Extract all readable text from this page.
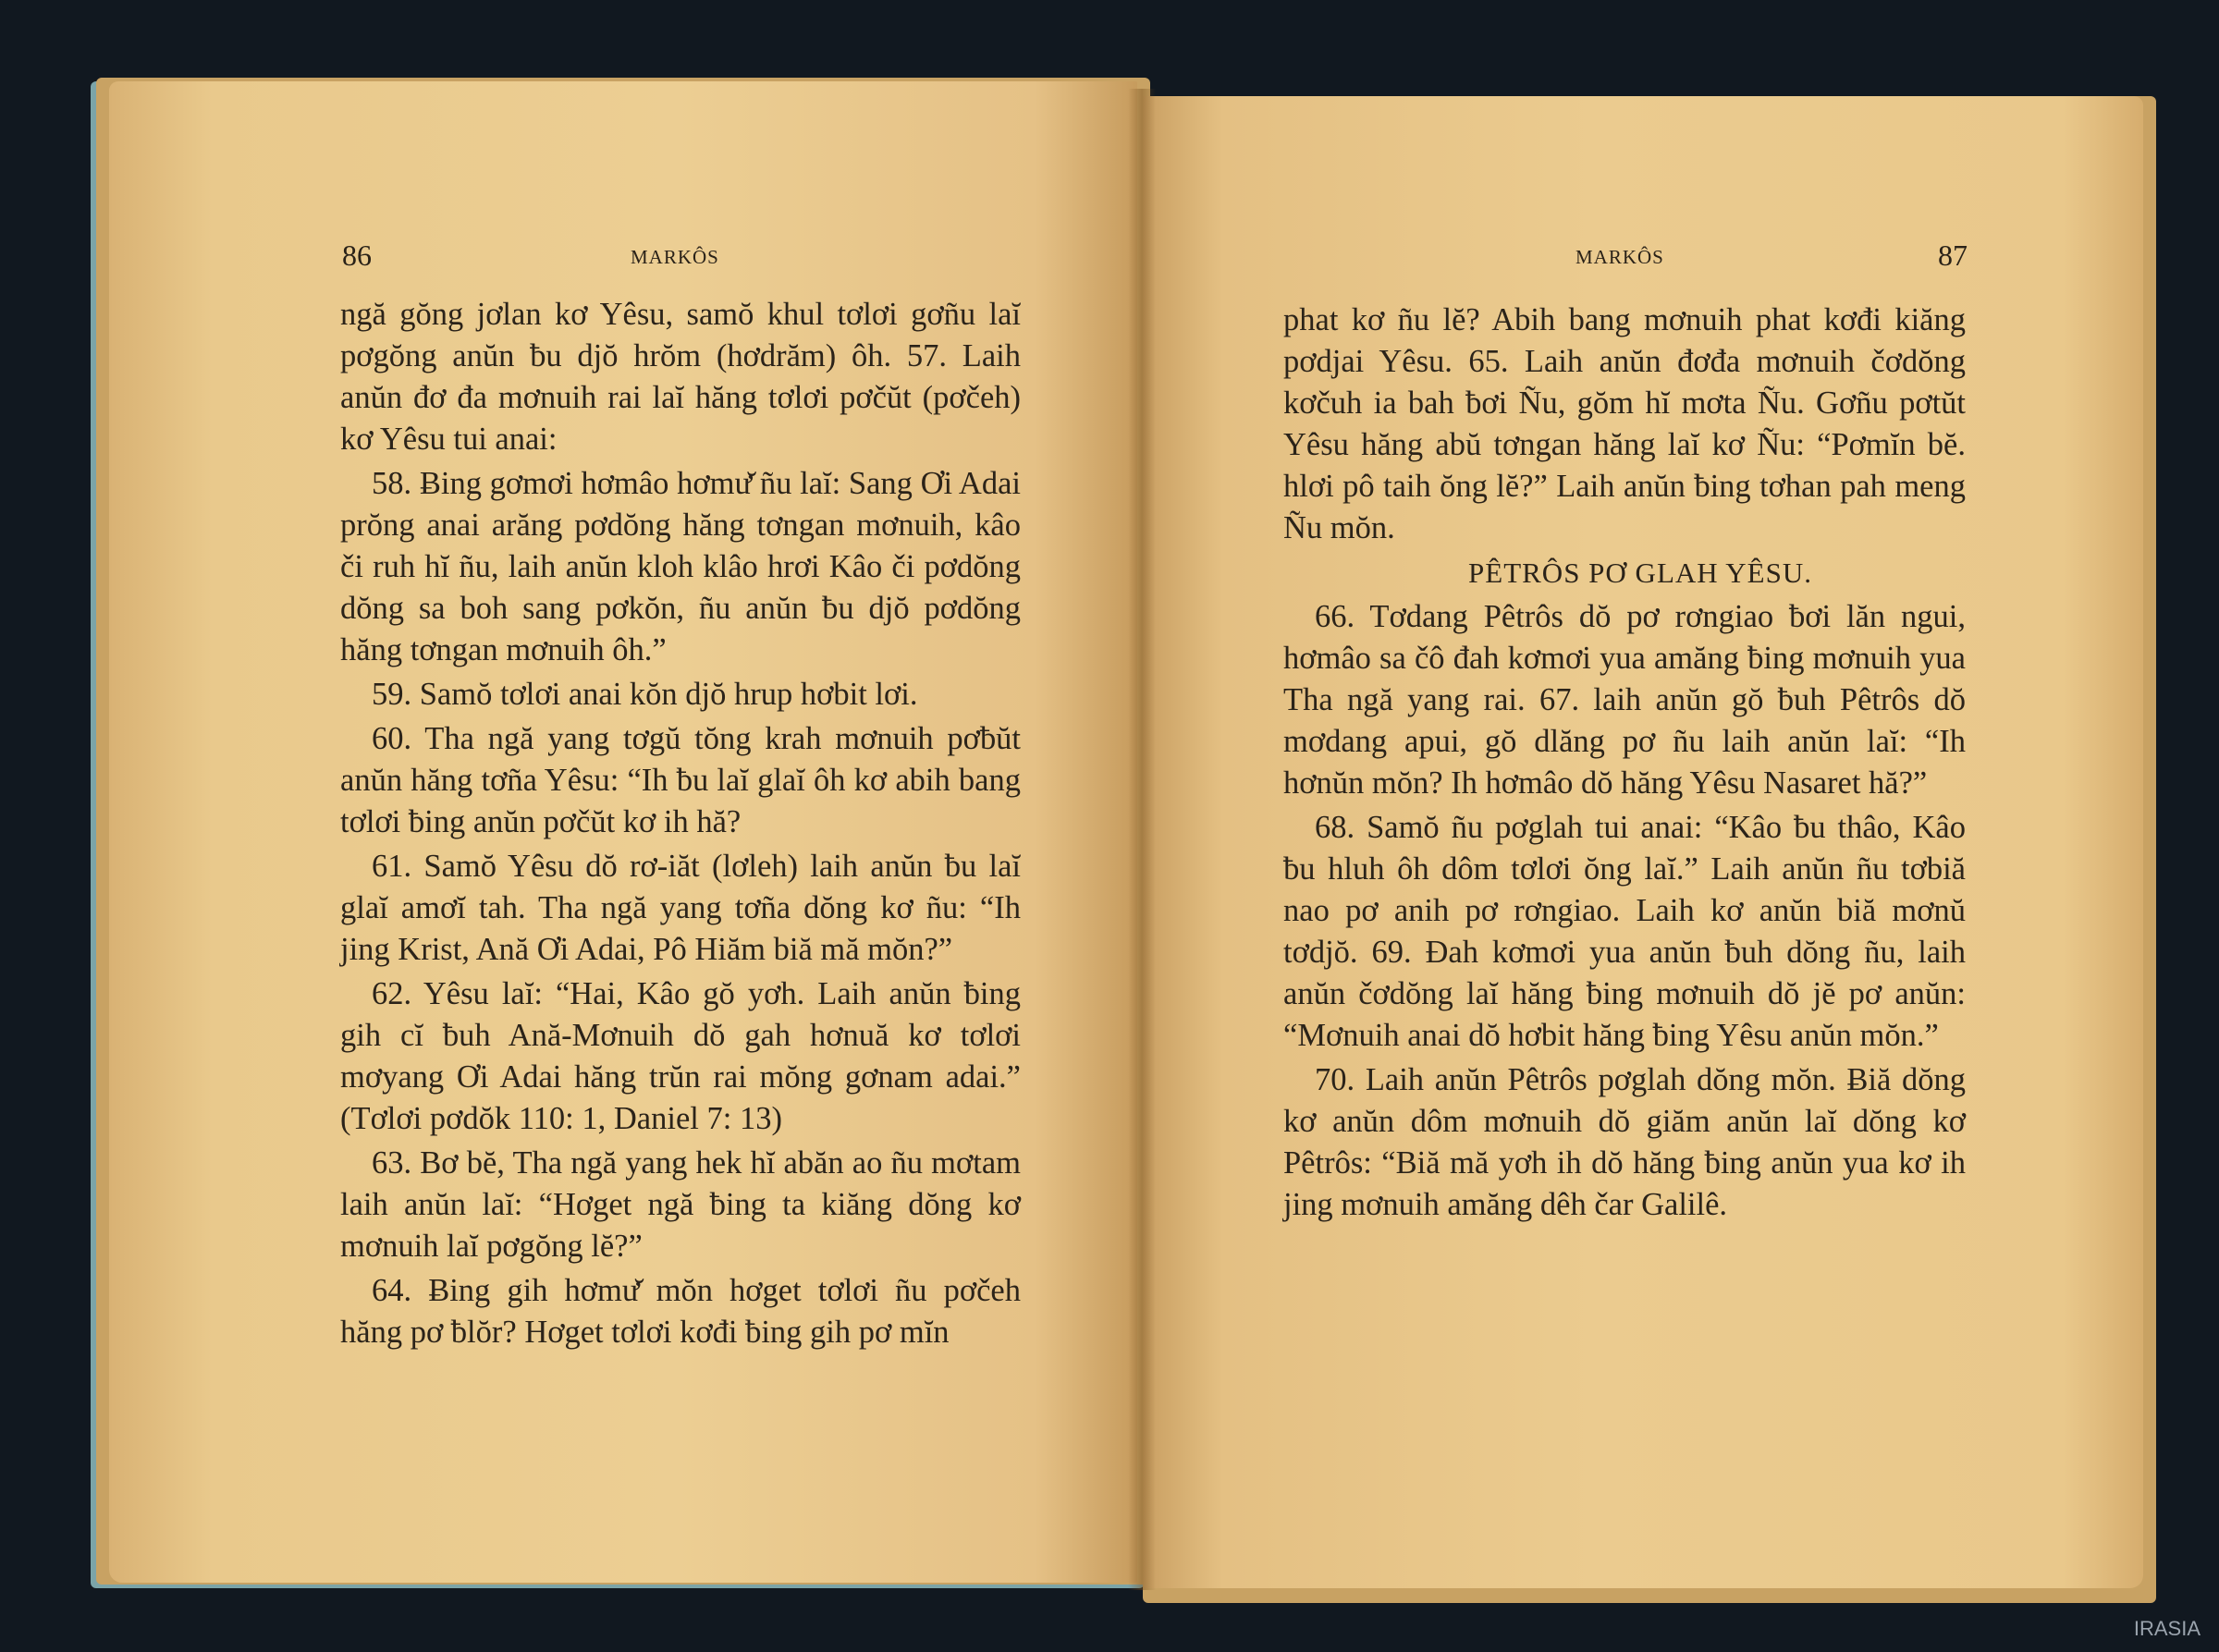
86	MARKÔS

ngă gŏng jơlan kơ Yêsu, samŏ khul tơlơi gơñu laĭ pơgŏng anŭn ƀu djŏ hrŏm (hơdrăm) ôh. 57. Laih anŭn đơ đa mơnuih rai laĭ hăng tơlơi pơčŭt (pơčeh) kơ Yêsu tui anai:

58. Ƀing gơmơi hơmâo hơmư̆ ñu laĭ: Sang Ơi Adai prŏng anai arăng pơdŏng hăng tơngan mơnuih, kâo či ruh hĭ ñu, laih anŭn kloh klâo hrơi Kâo či pơdŏng dŏng sa boh sang pơkŏn, ñu anŭn ƀu djŏ pơdŏng hăng tơngan mơnuih ôh.”

59. Samŏ tơlơi anai kŏn djŏ hrup hơbit lơi.

60. Tha ngă yang tơgŭ tŏng krah mơnuih pơƀŭt anŭn hăng tơña Yêsu: “Ih ƀu laĭ glaĭ ôh kơ abih bang tơlơi ƀing anŭn pơčŭt kơ ih hă?

61. Samŏ Yêsu dŏ rơ-iăt (lơleh) laih anŭn ƀu laĭ glaĭ amơĭ tah. Tha ngă yang tơña dŏng kơ ñu: “Ih jing Krist, Ană Ơi Adai, Pô Hiăm biă mă mŏn?”

62. Yêsu laĭ: “Hai, Kâo gŏ yơh. Laih anŭn ƀing gih cĭ ƀuh Ană-Mơnuih dŏ gah hơnuă kơ tơlơi mơyang Ơi Adai hăng trŭn rai mŏng gơnam adai.” (Tơlơi pơdŏk 110: 1, Daniel 7: 13)

63. Bơ bĕ, Tha ngă yang hek hĭ abăn ao ñu mơtam laih anŭn laĭ: “Hơget ngă ƀing ta kiăng dŏng kơ mơnuih laĭ pơgŏng lĕ?”

64. Ƀing gih hơmư̆ mŏn hơget tơlơi ñu pơčeh hăng pơ ƀlŏr? Hơget tơlơi kơđi ƀing gih pơ mĭn

MARKÔS	87

phat kơ ñu lĕ? Abih bang mơnuih phat kơđi kiăng pơdjai Yêsu. 65. Laih anŭn đơđa mơnuih čơdŏng kơčuh ia bah ƀơi Ñu, gŏm hĭ mơta Ñu. Gơñu pơtŭt Yêsu hăng abŭ tơngan hăng laĭ kơ Ñu: “Pơmĭn bĕ. hlơi pô taih ŏng lĕ?” Laih anŭn ƀing tơhan pah meng Ñu mŏn.

PÊTRÔS PƠ GLAH YÊSU.

66. Tơdang Pêtrôs dŏ pơ rơngiao ƀơi lăn ngui, hơmâo sa čô đah kơmơi yua amăng ƀing mơnuih yua Tha ngă yang rai. 67. laih anŭn gŏ ƀuh Pêtrôs dŏ mơdang apui, gŏ dlăng pơ ñu laih anŭn laĭ: “Ih hơnŭn mŏn? Ih hơmâo dŏ hăng Yêsu Nasaret hă?”

68. Samŏ ñu pơglah tui anai: “Kâo ƀu thâo, Kâo ƀu hluh ôh dôm tơlơi ŏng laĭ.” Laih anŭn ñu tơbiă nao pơ anih pơ rơngiao. Laih kơ anŭn biă mơnŭ tơdjŏ. 69. Đah kơmơi yua anŭn ƀuh dŏng ñu, laih anŭn čơdŏng laĭ hăng ƀing mơnuih dŏ jĕ pơ anŭn: “Mơnuih anai dŏ hơbit hăng ƀing Yêsu anŭn mŏn.”

70. Laih anŭn Pêtrôs pơglah dŏng mŏn. Ƀiă dŏng kơ anŭn dôm mơnuih dŏ giăm anŭn laĭ dŏng kơ Pêtrôs: “Biă mă yơh ih dŏ hăng ƀing anŭn yua kơ ih jing mơnuih amăng dêh čar Galilê.

IRASIA
